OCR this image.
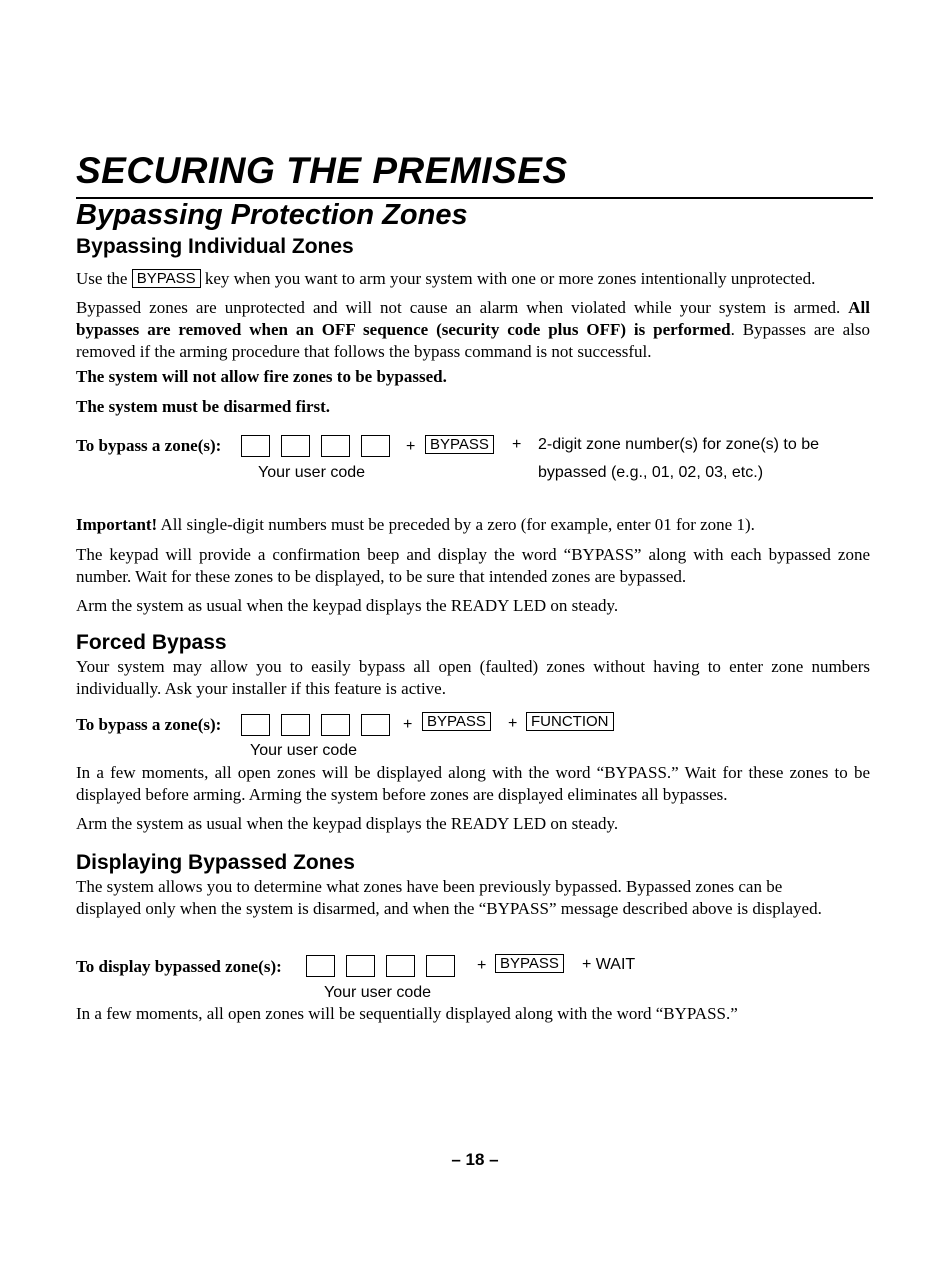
SECURING THE PREMISES
Bypassing Protection Zones
Bypassing Individual Zones
Use the BYPASS key when you want to arm your system with one or more zones intentionally unprotected.
Bypassed zones are unprotected and will not cause an alarm when violated while your system is armed. All bypasses are removed when an OFF sequence (security code plus OFF) is performed. Bypasses are also removed if the arming procedure that follows the bypass command is not successful.
The system will not allow fire zones to be bypassed.
The system must be disarmed first.
To bypass a zone(s):	+ BYPASS	+ 2-digit zone number(s) for zone(s) to be
bypassed (e.g., 01, 02, 03, etc.)
Your user code
Important! All single-digit numbers must be preceded by a zero (for example, enter 01 for zone 1).
The keypad will provide a confirmation beep and display the word “BYPASS” along with each bypassed zone number. Wait for these zones to be displayed, to be sure that intended zones are bypassed.
Arm the system as usual when the keypad displays the READY LED on steady.
Forced Bypass
Your system may allow you to easily bypass all open (faulted) zones without having to enter zone numbers individually. Ask your installer if this feature is active.
To bypass a zone(s):	+ BYPASS	+ FUNCTION
Your user code
In a few moments, all open zones will be displayed along with the word “BYPASS.” Wait for these zones to be displayed before arming. Arming the system before zones are displayed eliminates all bypasses.
Arm the system as usual when the keypad displays the READY LED on steady.
Displaying Bypassed Zones
The system allows you to determine what zones have been previously bypassed. Bypassed zones can be displayed only when the system is disarmed, and when the “BYPASS” message described above is displayed.
To display bypassed zone(s):	+ BYPASS	+ WAIT
Your user code
In a few moments, all open zones will be sequentially displayed along with the word “BYPASS.”
– 18 –
